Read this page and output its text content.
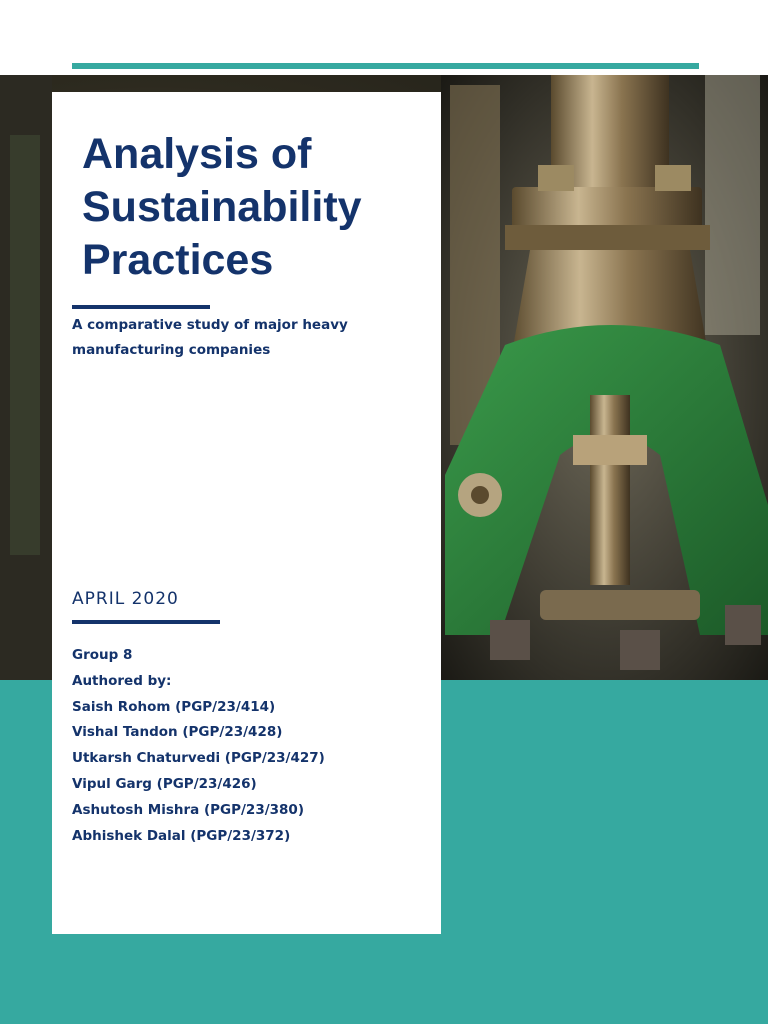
Analysis of
Sustainability
Practices

A comparative study of major heavy
manufacturing companies

APRIL 2020

Group 8
Authored by:
Saish Rohom (PGP/23/414)
Vishal Tandon (PGP/23/428)
Utkarsh Chaturvedi (PGP/23/427)
Vipul Garg (PGP/23/426)
Ashutosh Mishra (PGP/23/380)
Abhishek Dalal (PGP/23/372)
